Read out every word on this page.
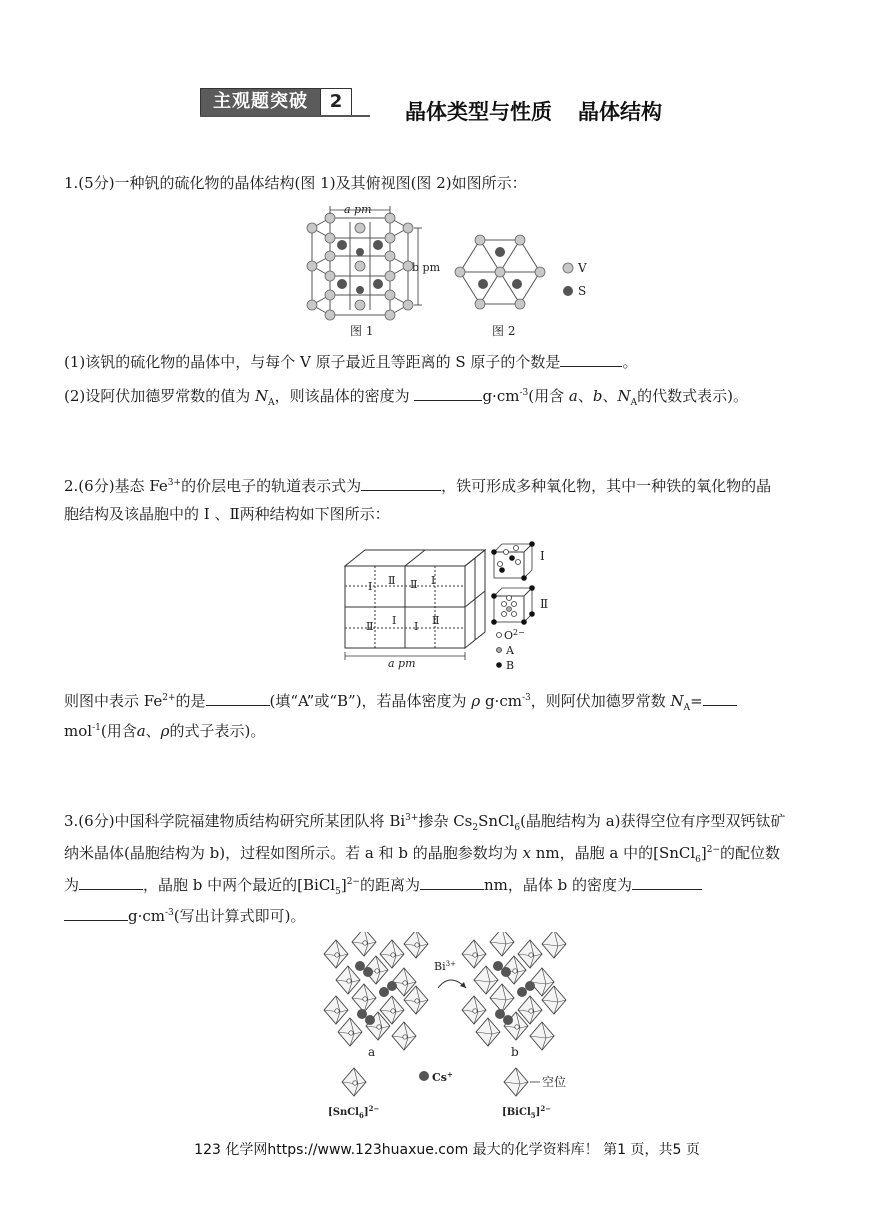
主观题突破	2	晶体类型与性质 晶体结构
1.(5分)一种钒的硫化物的晶体结构(图 1)及其俯视图(图 2)如图所示：
a pm
b pm
图 1	图 2
V
S
(1)该钒的硫化物的晶体中，与每个 V 原子最近且等距离的 S 原子的个数是	。
(2)设阿伏加德罗常数的值为 $N_A$，则该晶体的密度为	$g\cdot cm^{-3}$(用含 a、b、$N_A$的代数式表示)。
2.(6分)基态 $Fe^{3+}$的价层电子的轨道表示式为	，铁可形成多种氧化物，其中一种铁的氧化物的晶
胞结构及该晶胞中的 Ⅰ 、Ⅱ两种结构如下图所示：
Ⅰ Ⅱ Ⅱ Ⅰ
Ⅱ Ⅰ Ⅰ Ⅱ
a pm
Ⅰ
Ⅱ
$O^{2-}$
A
B
则图中表示 $Fe^{2+}$的是	(填“A”或“B”)，若晶体密度为 ρ $g\cdot cm^{-3}$，则阿伏加德罗常数 $N_A=$
mol$^{-1}$(用含a、ρ的式子表示)。
3.(6分)中国科学院福建物质结构研究所某团队将 $Bi^{3+}$掺杂 $Cs_2SnCl_6$(晶胞结构为 a)获得空位有序型双钙钛矿
纳米晶体(晶胞结构为 b)，过程如图所示。若 a 和 b 的晶胞参数均为 x nm，晶胞 a 中的[SnCl$_6$]$^{2-}$的配位数
为	，晶胞 b 中两个最近的[BiCl$_5$]$^{2-}$的距离为	nm，晶体 b 的密度为
$g\cdot cm^{-3}$(写出计算式即可)。
a
$Bi^{3+}$
b
[SnCl$_6$]$^{2-}$
Cs+
空位
[BiCl$_5$]$^{2-}$
123 化学网https://www.123huaxue.com 最大的化学资料库！ 第1 页，共5 页
